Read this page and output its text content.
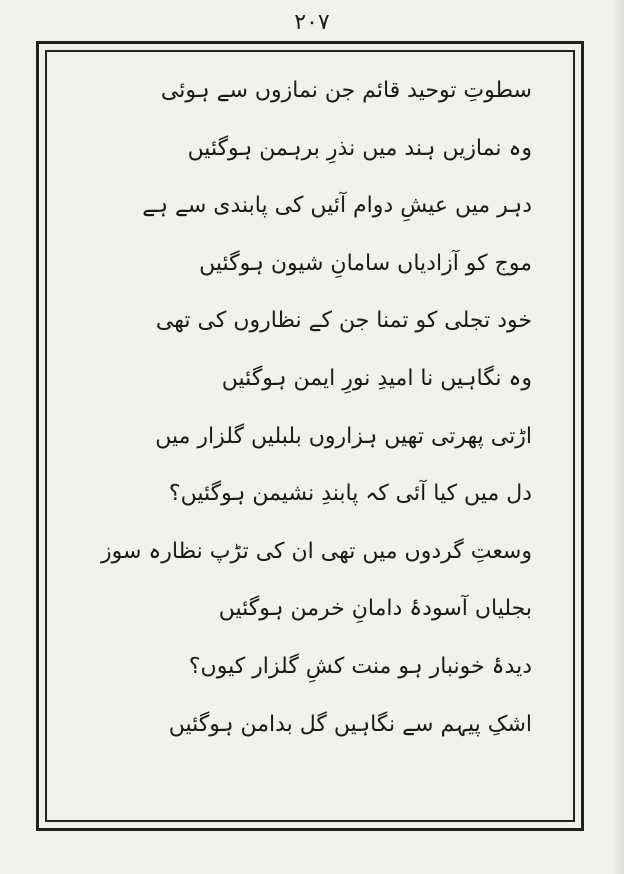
۲۰۷
سطوتِ توحید قائم جن نمازوں سے ہوئی
وہ نمازیں ہند میں نذرِ برہمن ہوگئیں
دہر میں عیشِ دوام آئیں کی پابندی سے ہے
موج کو آزادیاں سامانِ شیون ہوگئیں
خود تجلی کو تمنا جن کے نظاروں کی تھی
وہ نگاہیں نا امیدِ نورِ ایمن ہوگئیں
اڑتی پھرتی تھیں ہزاروں بلبلیں گلزار میں
دل میں کیا آئی کہ پابندِ نشیمن ہوگئیں؟
وسعتِ گردوں میں تھی ان کی تڑپ نظارہ سوز
بجلیاں آسودۂ دامانِ خرمن ہوگئیں
دیدۂ خونبار ہو منت کشِ گلزار کیوں؟
اشکِ پیہم سے نگاہیں گل بدامن ہوگئیں
